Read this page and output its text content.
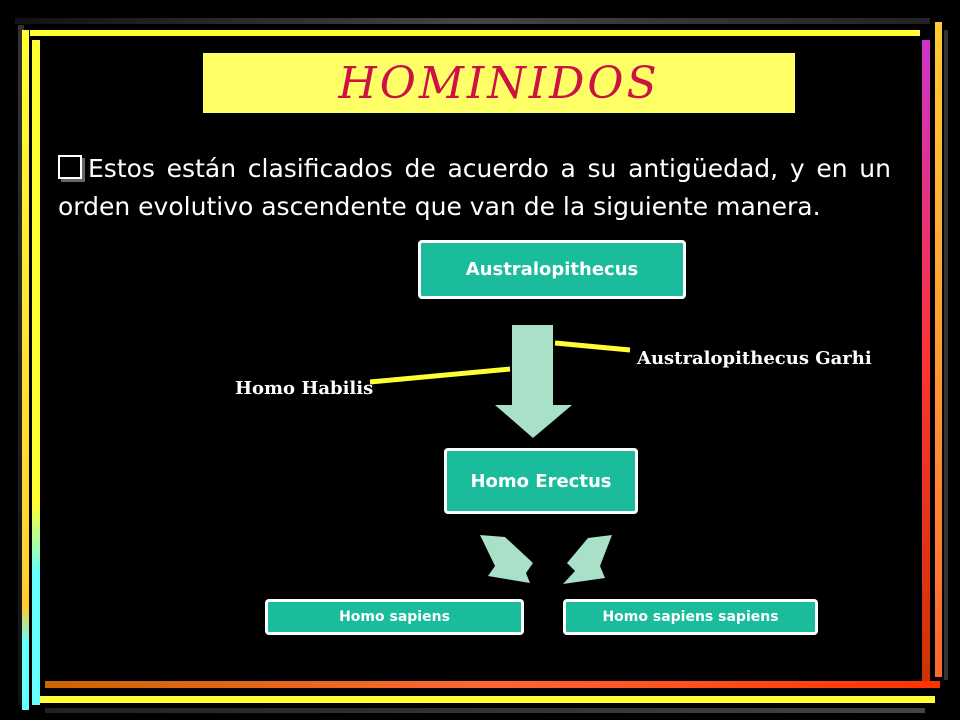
HOMINIDOS
Estos están clasificados de acuerdo a su antigüedad, y en un orden evolutivo ascendente que van de la siguiente manera.
Australopithecus
Homo Erectus
Homo sapiens	Homo sapiens sapiens
Australopithecus Garhi
Homo Habilis
